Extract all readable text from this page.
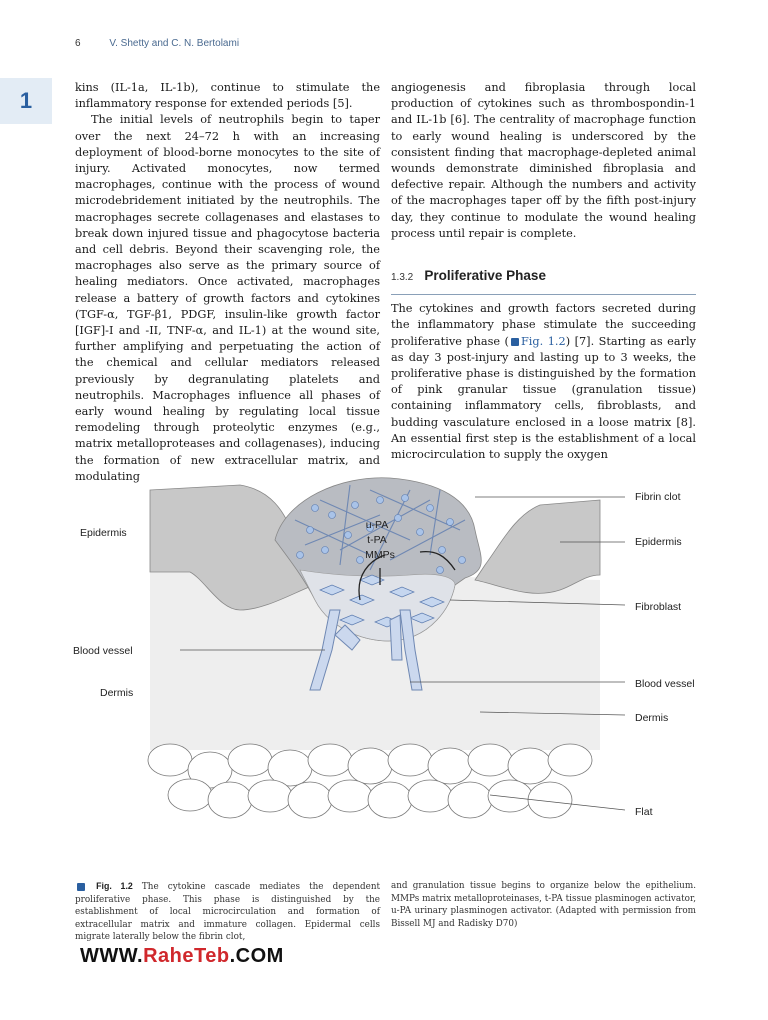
1
6	V. Shetty and C. N. Bertolami

kins (IL-1a, IL-1b), continue to stimulate the inflammatory response for extended periods [5].

The initial levels of neutrophils begin to taper over the next 24–72 h with an increasing deployment of blood-borne monocytes to the site of injury. Activated monocytes, now termed macrophages, continue with the process of wound microdebridement initiated by the neutrophils. The macrophages secrete collagenases and elastases to break down injured tissue and phagocytose bacteria and cell debris. Beyond their scavenging role, the macrophages also serve as the primary source of healing mediators. Once activated, macrophages release a battery of growth factors and cytokines (TGF-α, TGF-β1, PDGF, insulin-like growth factor [IGF]-I and -II, TNF-α, and IL-1) at the wound site, further amplifying and perpetuating the action of the chemical and cellular mediators released previously by degranulating platelets and neutrophils. Macrophages influence all phases of early wound healing by regulating local tissue remodeling through proteolytic enzymes (e.g., matrix metalloproteases and collagenases), inducing the formation of new extracellular matrix, and modulating

angiogenesis and fibroplasia through local production of cytokines such as thrombospondin-1 and IL-1b [6]. The centrality of macrophage function to early wound healing is underscored by the consistent finding that macrophage-depleted animal wounds demonstrate diminished fibroplasia and defective repair. Although the numbers and activity of the macrophages taper off by the fifth post-injury day, they continue to modulate the wound healing process until repair is complete.

1.3.2 Proliferative Phase

The cytokines and growth factors secreted during the inflammatory phase stimulate the succeeding proliferative phase ( Fig. 1.2) [7]. Starting as early as day 3 post-injury and lasting up to 3 weeks, the proliferative phase is distinguished by the formation of pink granular tissue (granulation tissue) containing inflammatory cells, fibroblasts, and budding vasculature enclosed in a loose matrix [8]. An essential first step is the establishment of a local microcirculation to supply the oxygen

Fibrin clot
Epidermis
Epidermis
Fibroblast
Blood vessel
Dermis
Blood vessel
Dermis
Flat
u-PA
t-PA
MMPs
Fig. 1.2 The cytokine cascade mediates the dependent proliferative phase. This phase is distinguished by the establishment of local microcirculation and formation of extracellular matrix and immature collagen. Epidermal cells migrate laterally below the fibrin clot,
and granulation tissue begins to organize below the epithelium. MMPs matrix metalloproteinases, t-PA tissue plasminogen activator, u-PA urinary plasminogen activator. (Adapted with permission from Bissell MJ and Radisky D70)
WWW.RaheTeb.COM
